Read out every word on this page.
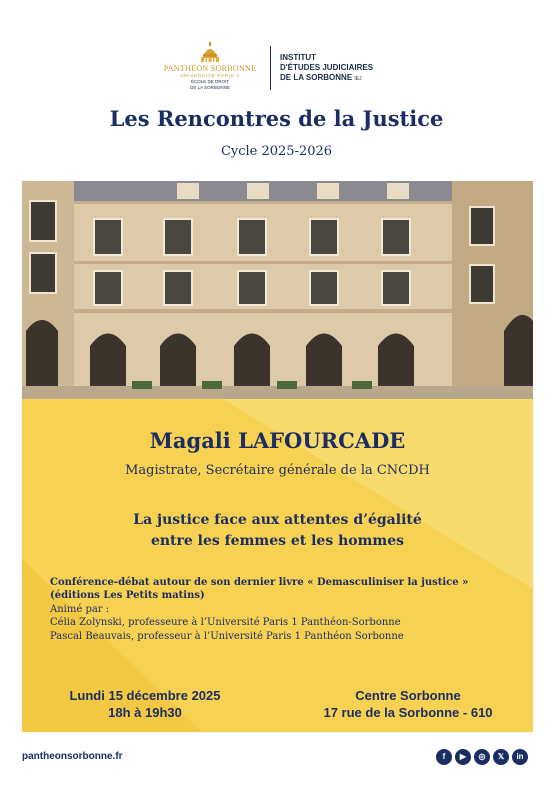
PANTHÉON SORBONNE
UNIVERSITÉ PARIS 1
ÉCOLE DE DROIT
DE LA SORBONNE
INSTITUT
D'ÉTUDES JUDICIAIRES
DE LA SORBONNE IEJ
Les Rencontres de la Justice
Cycle 2025-2026
Magali LAFOURCADE
Magistrate, Secrétaire générale de la CNCDH
La justice face aux attentes d’égalité
entre les femmes et les hommes
Conférence-débat autour de son dernier livre « Demasculiniser la justice »
(éditions Les Petits matins)
Animé par :
Célia Zolynski, professeure à l’Université Paris 1 Panthéon-Sorbonne
Pascal Beauvais, professeur à l’Université Paris 1 Panthéon Sorbonne
Lundi 15 décembre 2025
18h à 19h30
Centre Sorbonne
17 rue de la Sorbonne - 610
pantheonsorbonne.fr	f	▶	◎	𝕏	in
